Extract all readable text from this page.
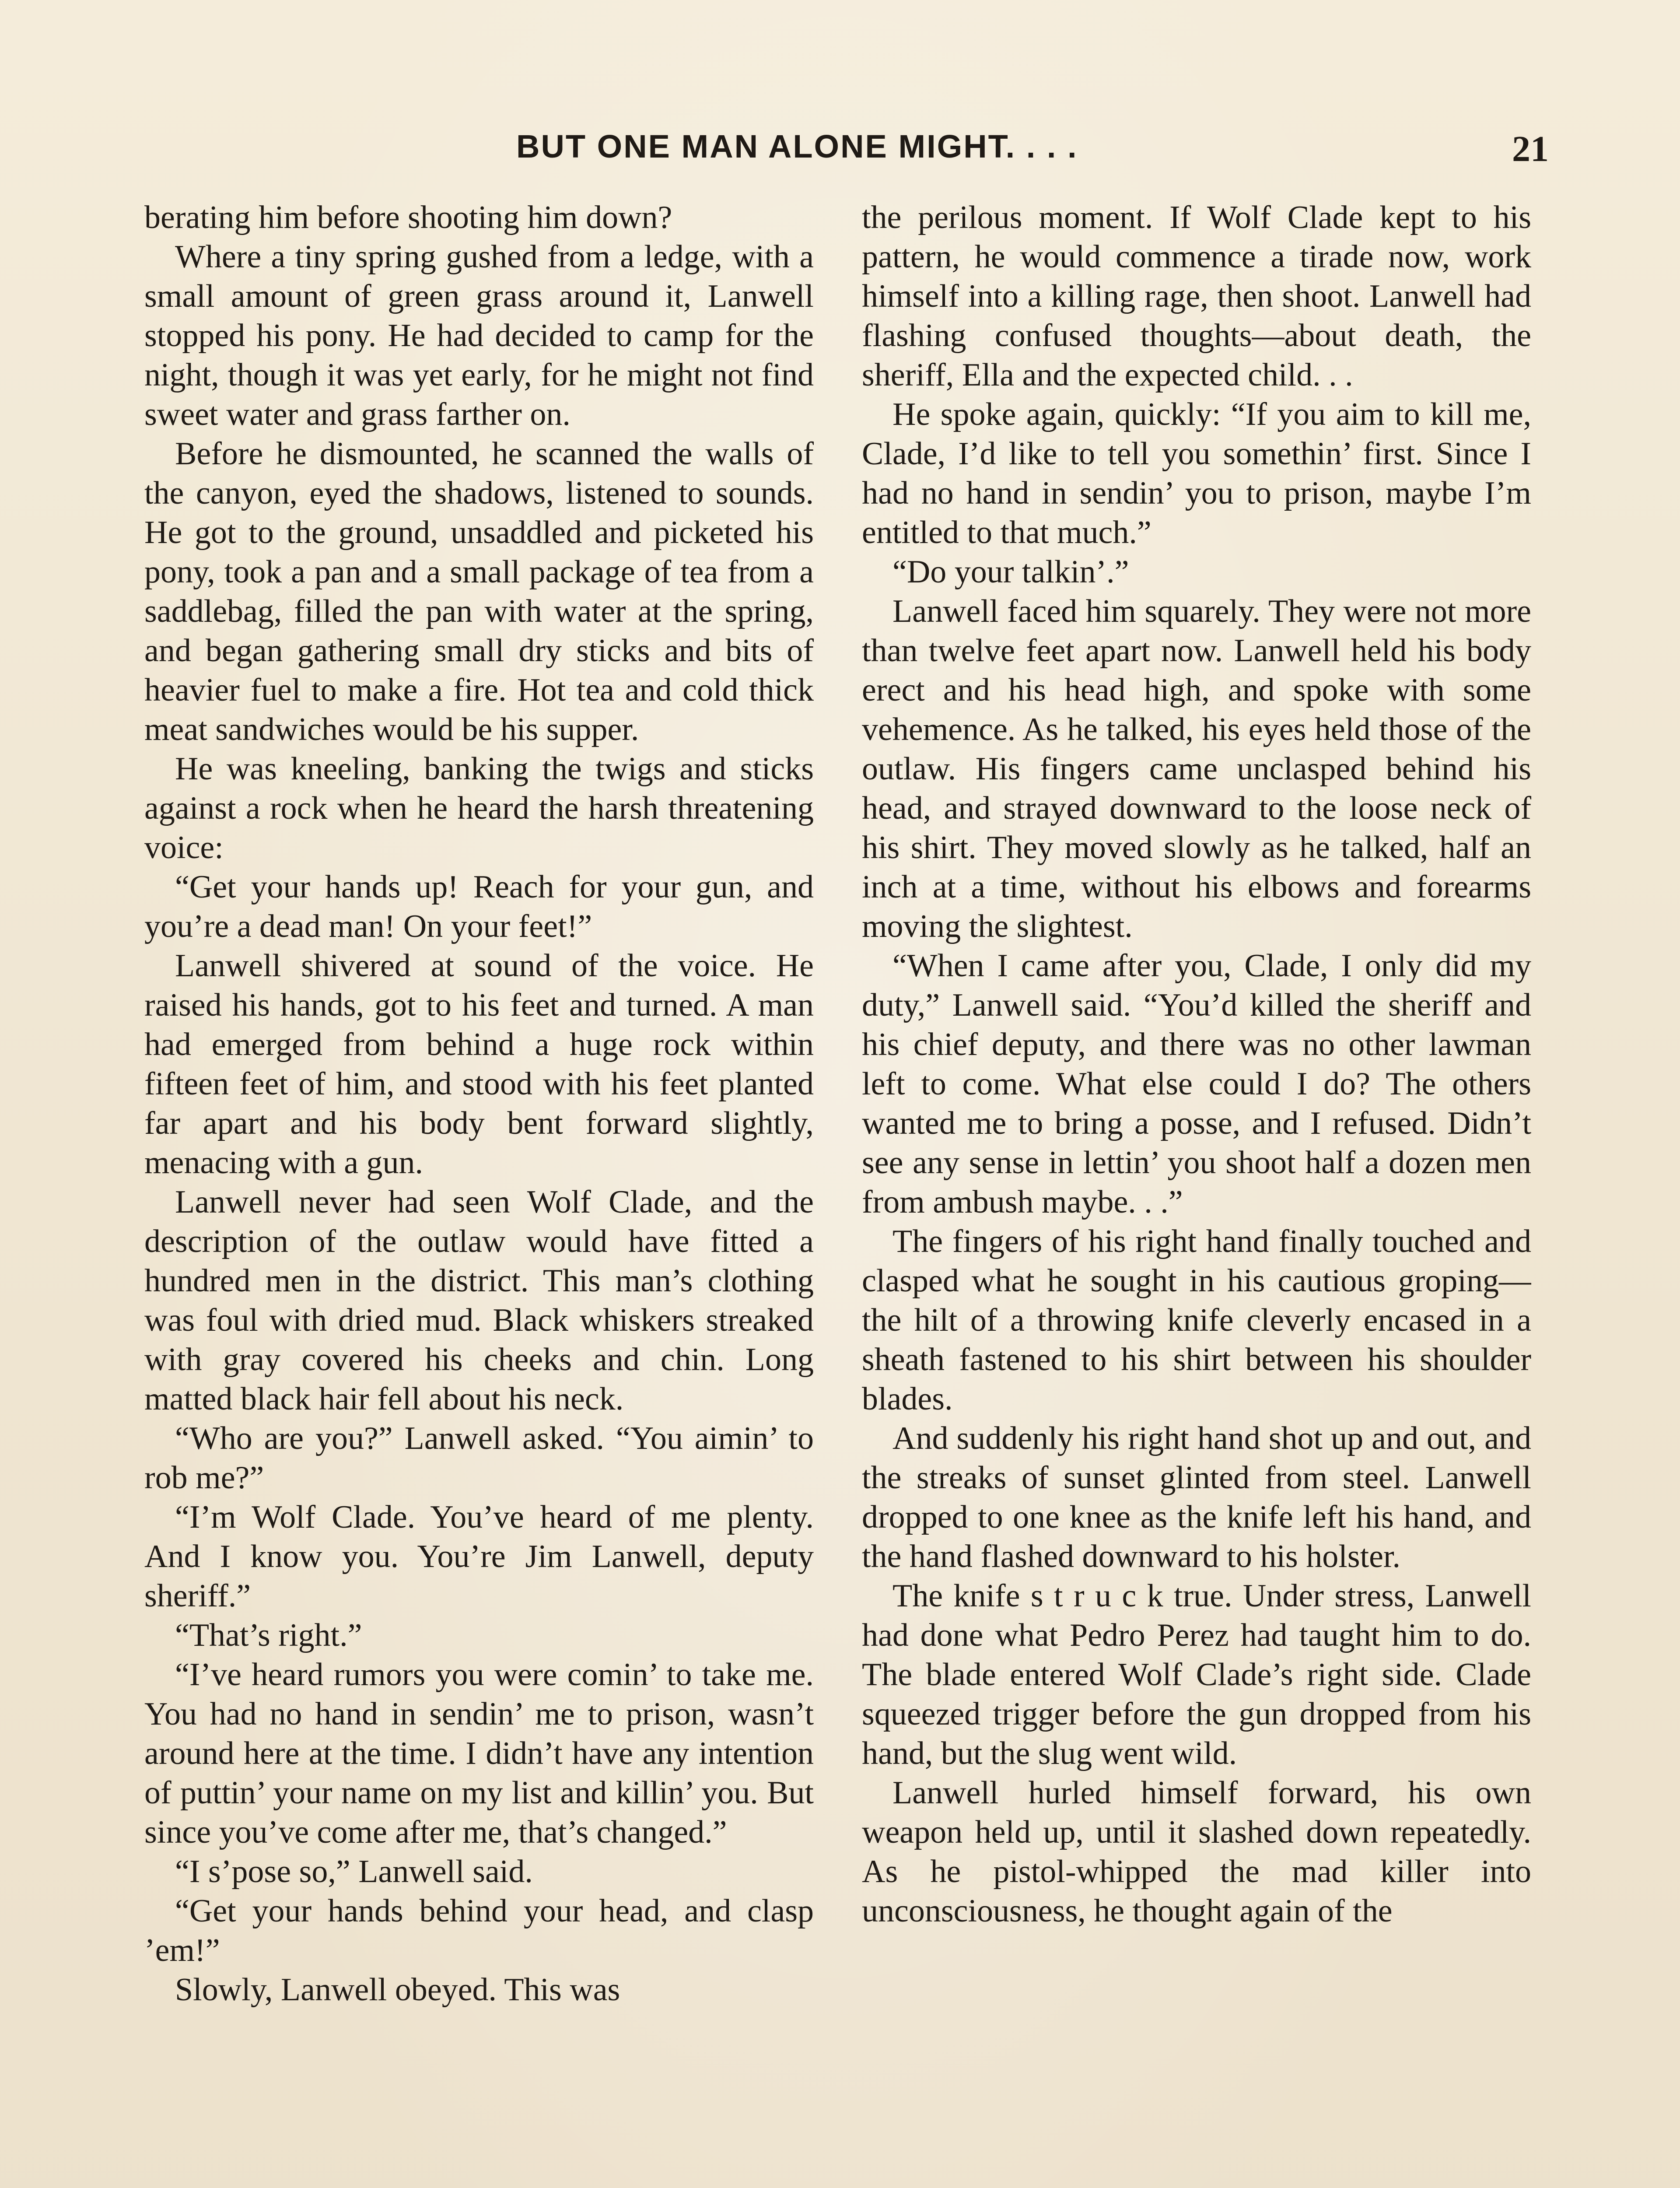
BUT ONE MAN ALONE MIGHT. . . .	21

berating him before shooting him down?

Where a tiny spring gushed from a ledge, with a small amount of green grass around it, Lanwell stopped his pony. He had decided to camp for the night, though it was yet early, for he might not find sweet water and grass farther on.

Before he dismounted, he scanned the walls of the canyon, eyed the shadows, listened to sounds. He got to the ground, unsaddled and picketed his pony, took a pan and a small package of tea from a saddlebag, filled the pan with water at the spring, and began gathering small dry sticks and bits of heavier fuel to make a fire. Hot tea and cold thick meat sandwiches would be his supper.

He was kneeling, banking the twigs and sticks against a rock when he heard the harsh threatening voice:

“Get your hands up! Reach for your gun, and you’re a dead man! On your feet!”

Lanwell shivered at sound of the voice. He raised his hands, got to his feet and turned. A man had emerged from behind a huge rock within fifteen feet of him, and stood with his feet planted far apart and his body bent forward slightly, menacing with a gun.

Lanwell never had seen Wolf Clade, and the description of the outlaw would have fitted a hundred men in the district. This man’s clothing was foul with dried mud. Black whiskers streaked with gray covered his cheeks and chin. Long matted black hair fell about his neck.

“Who are you?” Lanwell asked. “You aimin’ to rob me?”

“I’m Wolf Clade. You’ve heard of me plenty. And I know you. You’re Jim Lanwell, deputy sheriff.”

“That’s right.”

“I’ve heard rumors you were comin’ to take me. You had no hand in sendin’ me to prison, wasn’t around here at the time. I didn’t have any intention of puttin’ your name on my list and killin’ you. But since you’ve come after me, that’s changed.”

“I s’pose so,” Lanwell said.

“Get your hands behind your head, and clasp ’em!”

Slowly, Lanwell obeyed. This was

the perilous moment. If Wolf Clade kept to his pattern, he would commence a tirade now, work himself into a killing rage, then shoot. Lanwell had flashing confused thoughts—about death, the sheriff, Ella and the expected child. . .

He spoke again, quickly: “If you aim to kill me, Clade, I’d like to tell you somethin’ first. Since I had no hand in sendin’ you to prison, maybe I’m entitled to that much.”

“Do your talkin’.”

Lanwell faced him squarely. They were not more than twelve feet apart now. Lanwell held his body erect and his head high, and spoke with some vehemence. As he talked, his eyes held those of the outlaw. His fingers came unclasped behind his head, and strayed downward to the loose neck of his shirt. They moved slowly as he talked, half an inch at a time, without his elbows and forearms moving the slightest.

“When I came after you, Clade, I only did my duty,” Lanwell said. “You’d killed the sheriff and his chief deputy, and there was no other lawman left to come. What else could I do? The others wanted me to bring a posse, and I refused. Didn’t see any sense in lettin’ you shoot half a dozen men from ambush maybe. . .”

The fingers of his right hand finally touched and clasped what he sought in his cautious groping—the hilt of a throwing knife cleverly encased in a sheath fastened to his shirt between his shoulder blades.

And suddenly his right hand shot up and out, and the streaks of sunset glinted from steel. Lanwell dropped to one knee as the knife left his hand, and the hand flashed downward to his holster.

The knife s t r u c k true. Under stress, Lanwell had done what Pedro Perez had taught him to do. The blade entered Wolf Clade’s right side. Clade squeezed trigger before the gun dropped from his hand, but the slug went wild.

Lanwell hurled himself forward, his own weapon held up, until it slashed down repeatedly. As he pistol-whipped the mad killer into unconsciousness, he thought again of the
